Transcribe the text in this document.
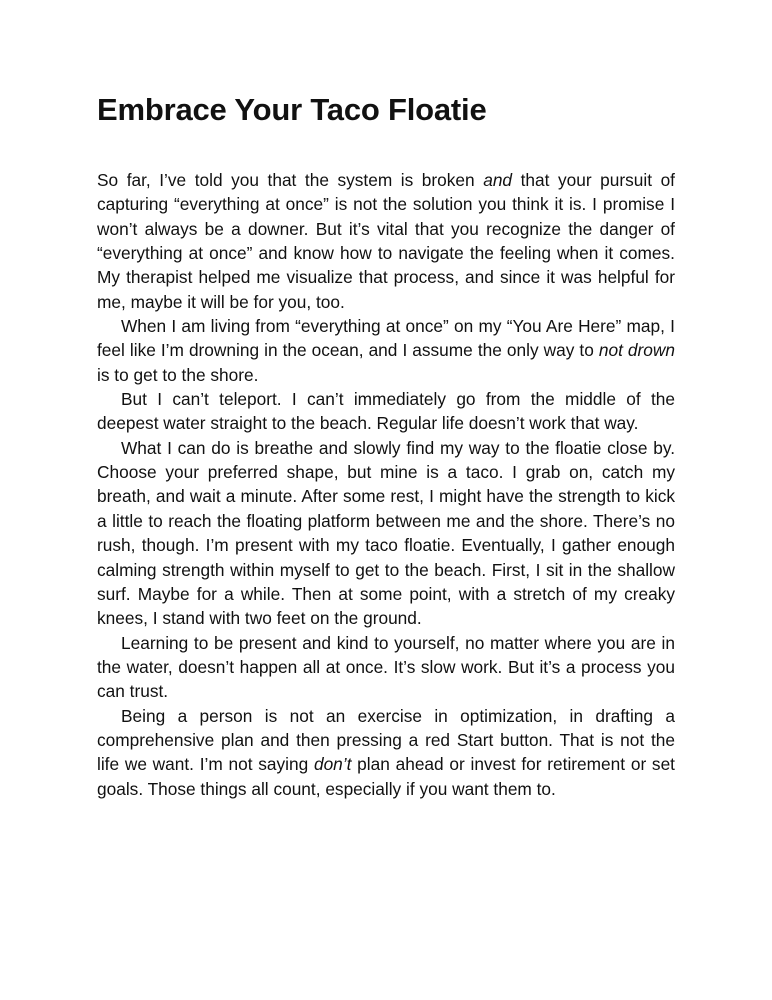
Embrace Your Taco Floatie

So far, I’ve told you that the system is broken and that your pursuit of capturing “everything at once” is not the solution you think it is. I promise I won’t always be a downer. But it’s vital that you recognize the danger of “everything at once” and know how to navigate the feeling when it comes. My therapist helped me visualize that process, and since it was helpful for me, maybe it will be for you, too.

When I am living from “everything at once” on my “You Are Here” map, I feel like I’m drowning in the ocean, and I assume the only way to not drown is to get to the shore.

But I can’t teleport. I can’t immediately go from the middle of the deepest water straight to the beach. Regular life doesn’t work that way.

What I can do is breathe and slowly find my way to the floatie close by. Choose your preferred shape, but mine is a taco. I grab on, catch my breath, and wait a minute. After some rest, I might have the strength to kick a little to reach the floating platform between me and the shore. There’s no rush, though. I’m present with my taco floatie. Eventually, I gather enough calming strength within myself to get to the beach. First, I sit in the shallow surf. Maybe for a while. Then at some point, with a stretch of my creaky knees, I stand with two feet on the ground.

Learning to be present and kind to yourself, no matter where you are in the water, doesn’t happen all at once. It’s slow work. But it’s a process you can trust.

Being a person is not an exercise in optimization, in drafting a comprehensive plan and then pressing a red Start button. That is not the life we want. I’m not saying don’t plan ahead or invest for retirement or set goals. Those things all count, especially if you want them to.
